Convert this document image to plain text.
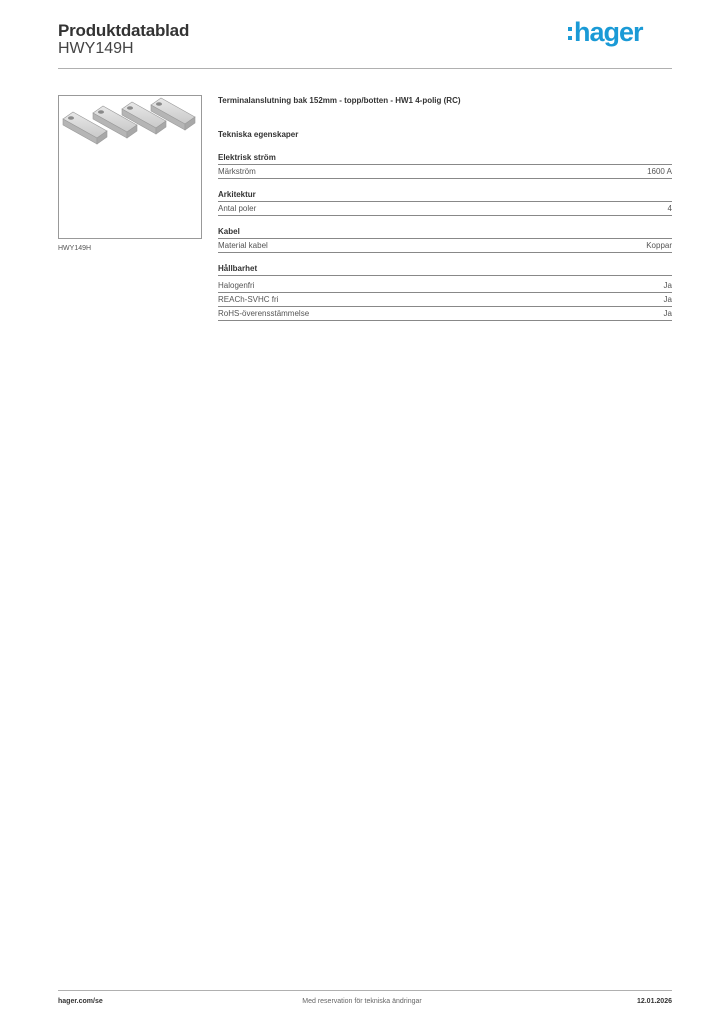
Produktdatablad
HWY149H
hager
HWY149H
Terminalanslutning bak 152mm - topp/botten - HW1 4-polig (RC)
Tekniska egenskaper
Elektrisk ström
Märkström	1600 A
Arkitektur
Antal poler	4
Kabel
Material kabel	Koppar
Hållbarhet
Halogenfri	Ja
REACh-SVHC fri	Ja
RoHS-överensstämmelse	Ja
hager.com/se	Med reservation för tekniska ändringar	12.01.2026
